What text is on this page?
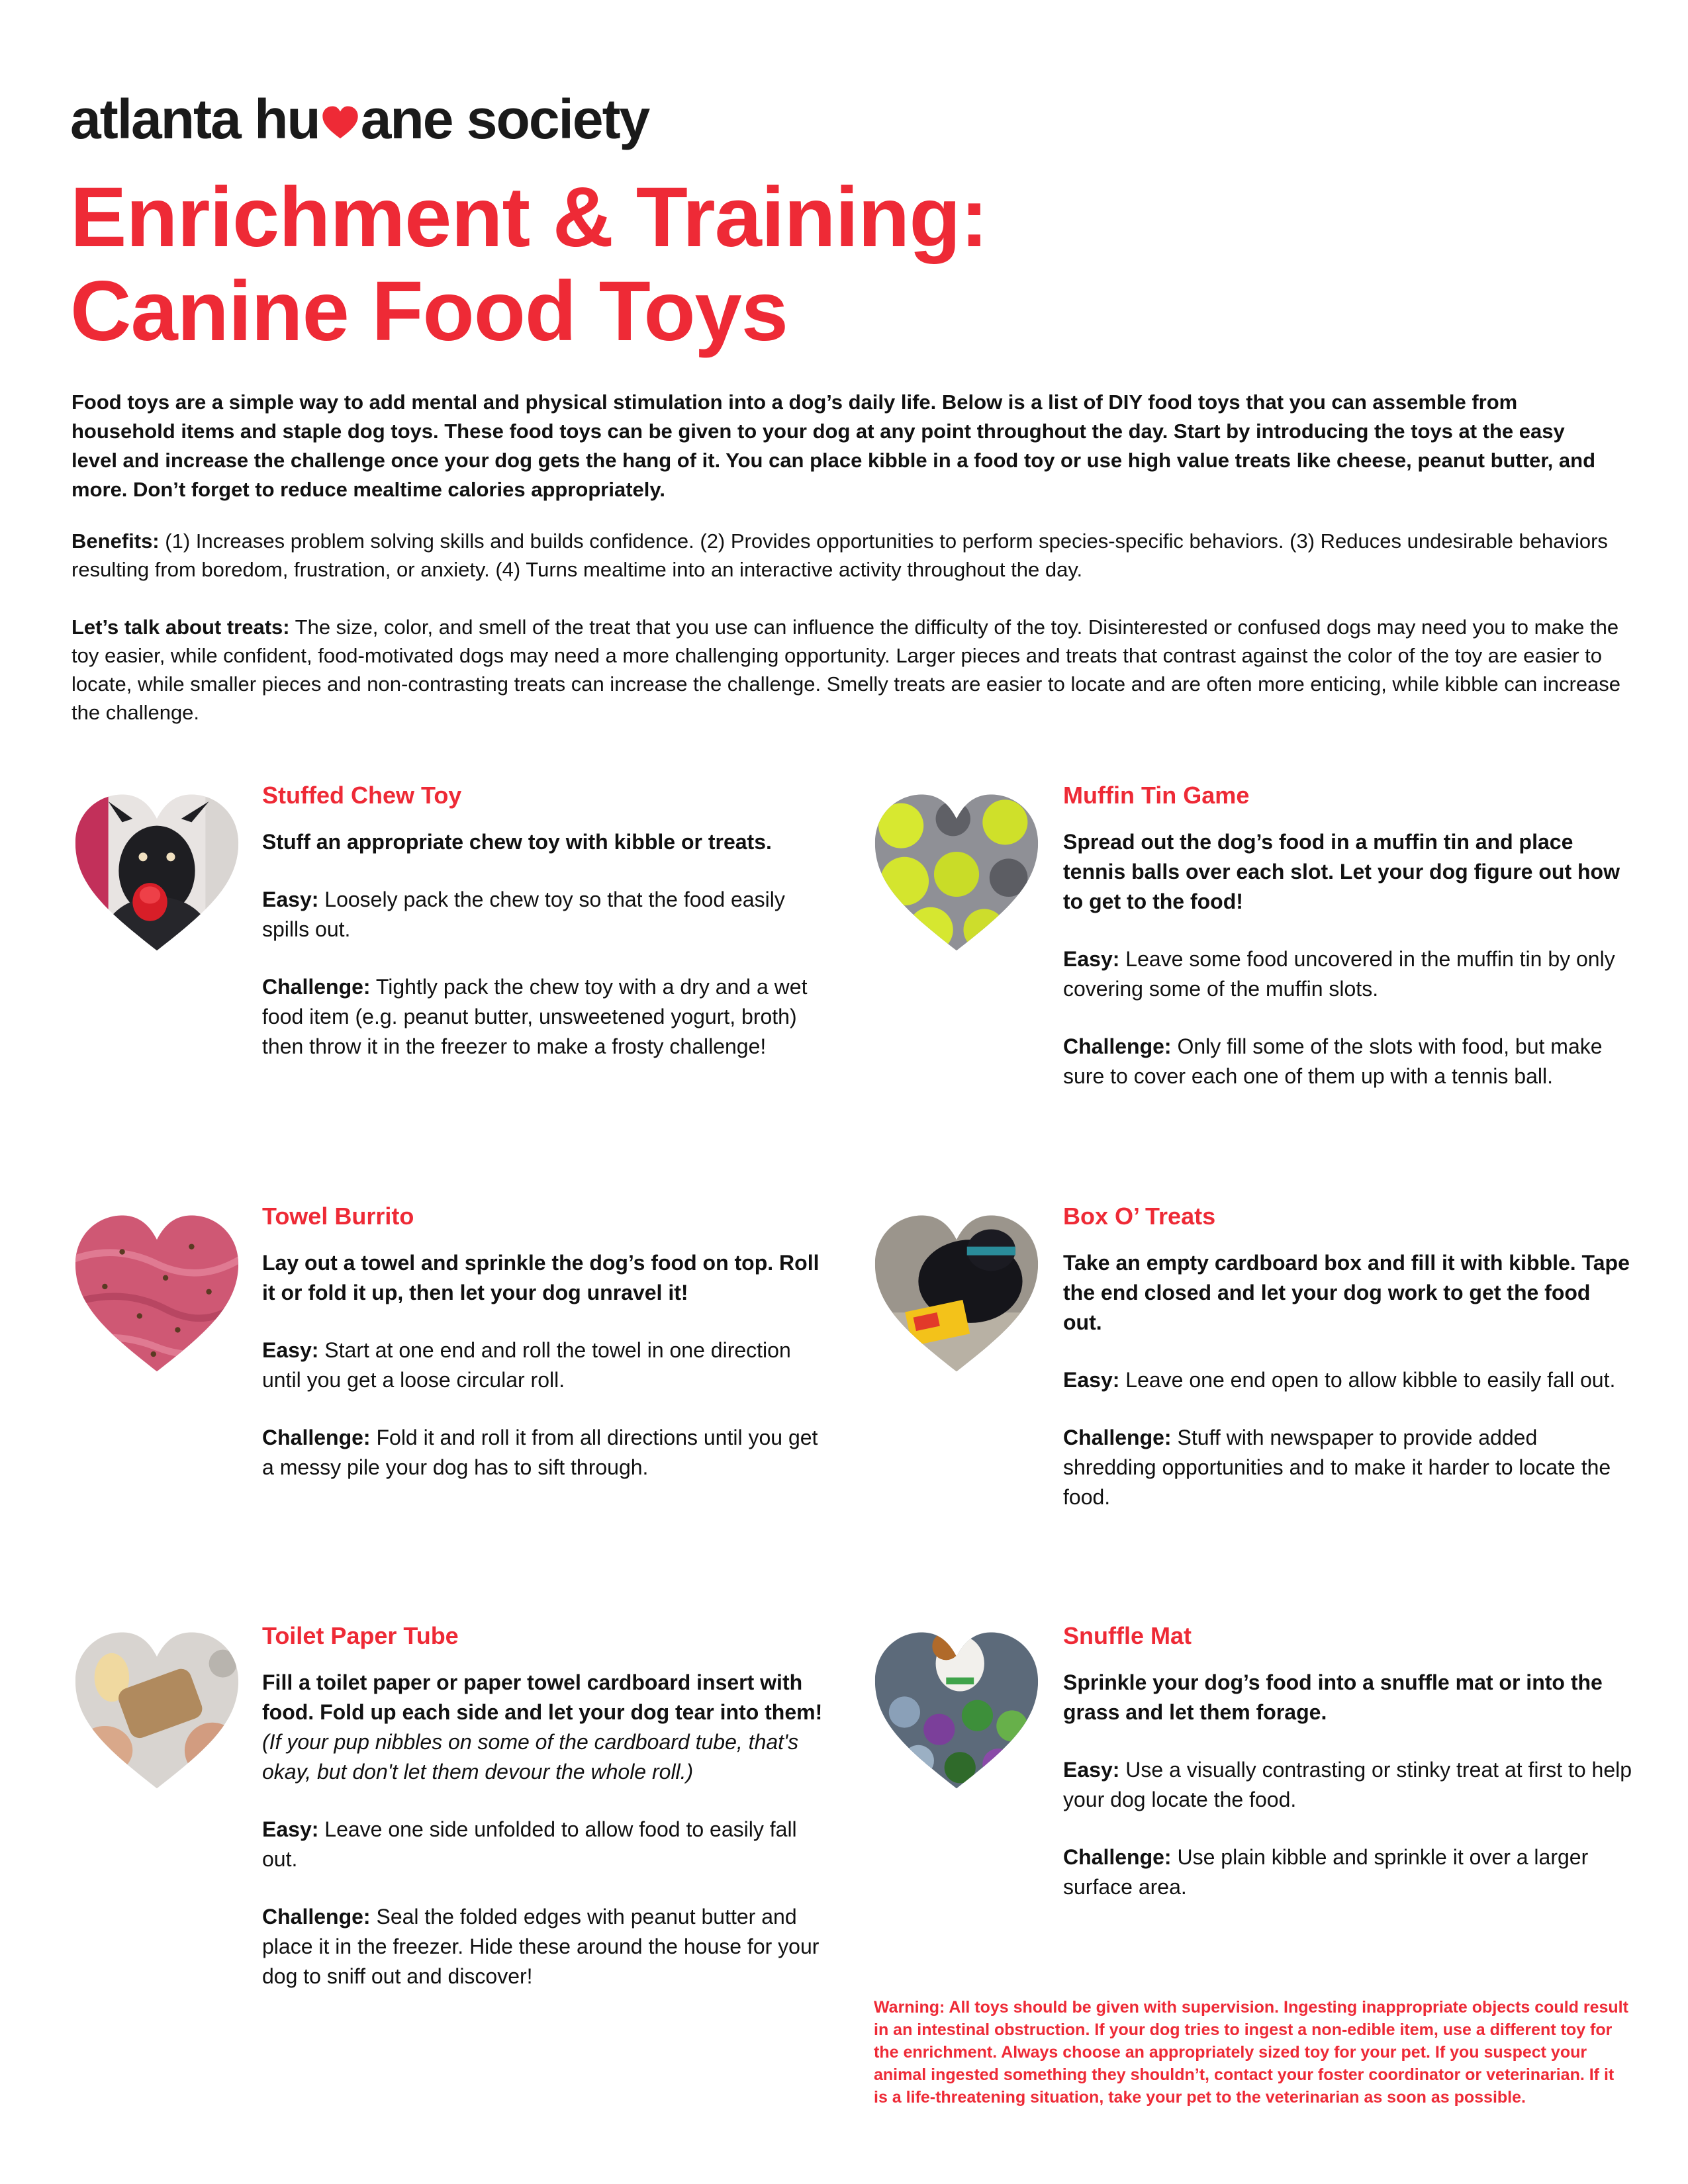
atlanta hu ane society
Enrichment & Training:
Canine Food Toys

Food toys are a simple way to add mental and physical stimulation into a dog’s daily life. Below is a list of DIY food toys that you can assemble from household items and staple dog toys. These food toys can be given to your dog at any point throughout the day. Start by introducing the toys at the easy level and increase the challenge once your dog gets the hang of it. You can place kibble in a food toy or use high value treats like cheese, peanut butter, and more. Don’t forget to reduce mealtime calories appropriately.

Benefits: (1) Increases problem solving skills and builds confidence. (2) Provides opportunities to perform species-specific behaviors. (3) Reduces undesirable behaviors resulting from boredom, frustration, or anxiety. (4) Turns mealtime into an interactive activity throughout the day.

Let’s talk about treats: The size, color, and smell of the treat that you use can influence the difficulty of the toy. Disinterested or confused dogs may need you to make the toy easier, while confident, food-motivated dogs may need a more challenging opportunity. Larger pieces and treats that contrast against the color of the toy are easier to locate, while smaller pieces and non-contrasting treats can increase the challenge. Smelly treats are easier to locate and are often more enticing, while kibble can increase the challenge.

Stuffed Chew Toy

Stuff an appropriate chew toy with kibble or treats.

Easy: Loosely pack the chew toy so that the food easily spills out.

Challenge: Tightly pack the chew toy with a dry and a wet food item (e.g. peanut butter, unsweetened yogurt, broth) then throw it in the freezer to make a frosty challenge!

Muffin Tin Game

Spread out the dog’s food in a muffin tin and place tennis balls over each slot. Let your dog figure out how to get to the food!

Easy: Leave some food uncovered in the muffin tin by only covering some of the muffin slots.

Challenge: Only fill some of the slots with food, but make sure to cover each one of them up with a tennis ball.

Towel Burrito

Lay out a towel and sprinkle the dog’s food on top. Roll it or fold it up, then let your dog unravel it!

Easy: Start at one end and roll the towel in one direction until you get a loose circular roll.

Challenge: Fold it and roll it from all directions until you get a messy pile your dog has to sift through.

Box O’ Treats

Take an empty cardboard box and fill it with kibble. Tape the end closed and let your dog work to get the food out.

Easy: Leave one end open to allow kibble to easily fall out.

Challenge: Stuff with newspaper to provide added shredding opportunities and to make it harder to locate the food.

Toilet Paper Tube

Fill a toilet paper or paper towel cardboard insert with food. Fold up each side and let your dog tear into them! (If your pup nibbles on some of the cardboard tube, that's okay, but don't let them devour the whole roll.)

Easy: Leave one side unfolded to allow food to easily fall out.

Challenge: Seal the folded edges with peanut butter and place it in the freezer. Hide these around the house for your dog to sniff out and discover!

Snuffle Mat

Sprinkle your dog’s food into a snuffle mat or into the grass and let them forage.

Easy: Use a visually contrasting or stinky treat at first to help your dog locate the food.

Challenge: Use plain kibble and sprinkle it over a larger surface area.

Warning: All toys should be given with supervision. Ingesting inappropriate objects could result in an intestinal obstruction. If your dog tries to ingest a non-edible item, use a different toy for the enrichment. Always choose an appropriately sized toy for your pet. If you suspect your animal ingested something they shouldn’t, contact your foster coordinator or veterinarian. If it is a life-threatening situation, take your pet to the veterinarian as soon as possible.
